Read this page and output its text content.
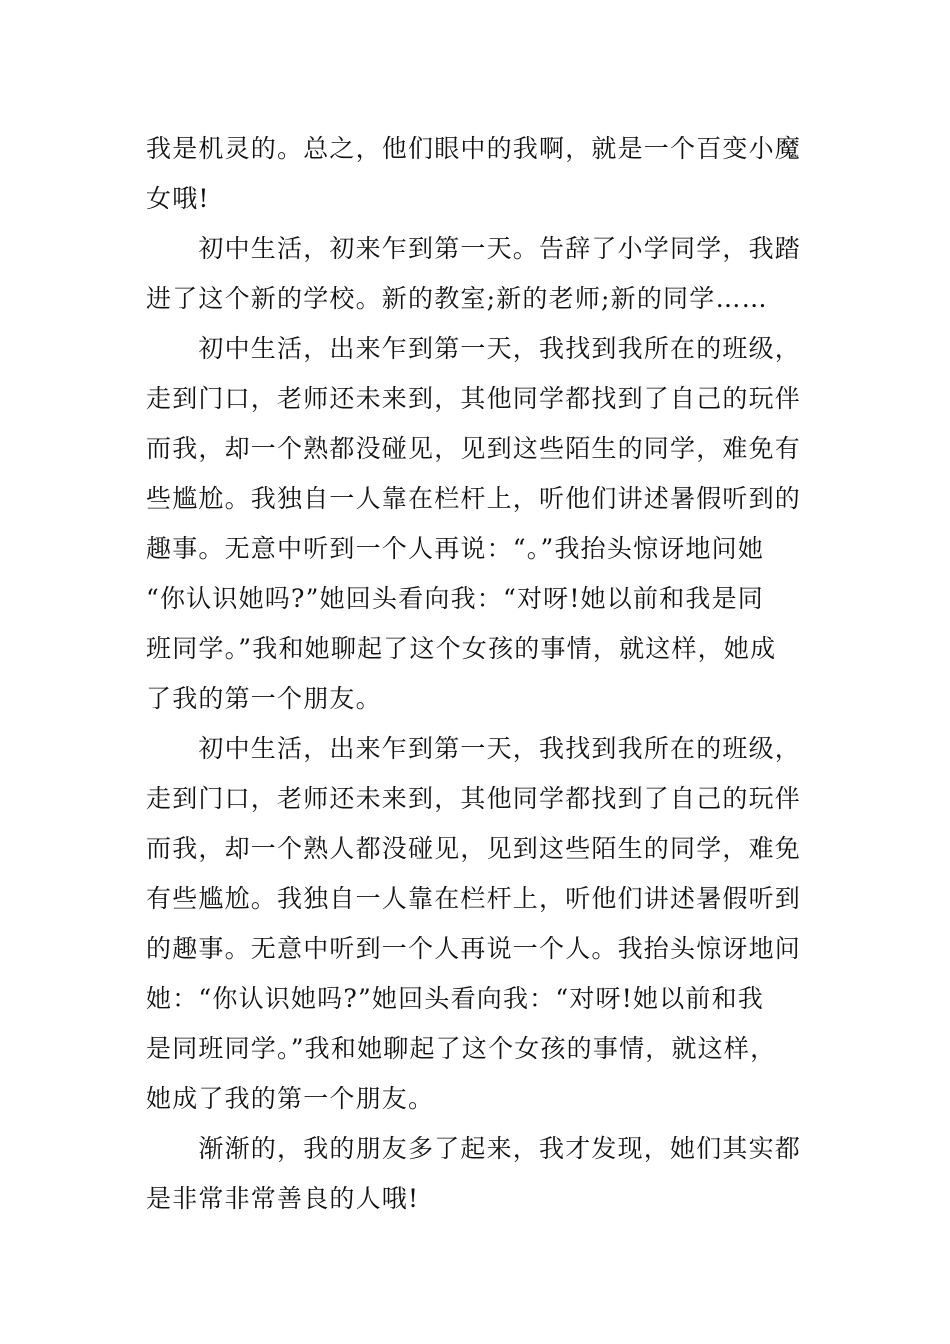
我是机灵的。总之，他们眼中的我啊，就是一个百变小魔
女哦!
　　初中生活，初来乍到第一天。告辞了小学同学，我踏
进了这个新的学校。新的教室;新的老师;新的同学……
　　初中生活，出来乍到第一天，我找到我所在的班级，
走到门口，老师还未来到，其他同学都找到了自己的玩伴
而我，却一个熟都没碰见，见到这些陌生的同学，难免有
些尴尬。我独自一人靠在栏杆上，听他们讲述暑假听到的
趣事。无意中听到一个人再说：“。”我抬头惊讶地问她
“你认识她吗?”她回头看向我：“对呀!她以前和我是同
班同学。”我和她聊起了这个女孩的事情，就这样，她成
了我的第一个朋友。
　　初中生活，出来乍到第一天，我找到我所在的班级，
走到门口，老师还未来到，其他同学都找到了自己的玩伴
而我，却一个熟人都没碰见，见到这些陌生的同学，难免
有些尴尬。我独自一人靠在栏杆上，听他们讲述暑假听到
的趣事。无意中听到一个人再说一个人。我抬头惊讶地问
她：“你认识她吗?”她回头看向我：“对呀!她以前和我
是同班同学。”我和她聊起了这个女孩的事情，就这样，
她成了我的第一个朋友。
　　渐渐的，我的朋友多了起来，我才发现，她们其实都
是非常非常善良的人哦!
